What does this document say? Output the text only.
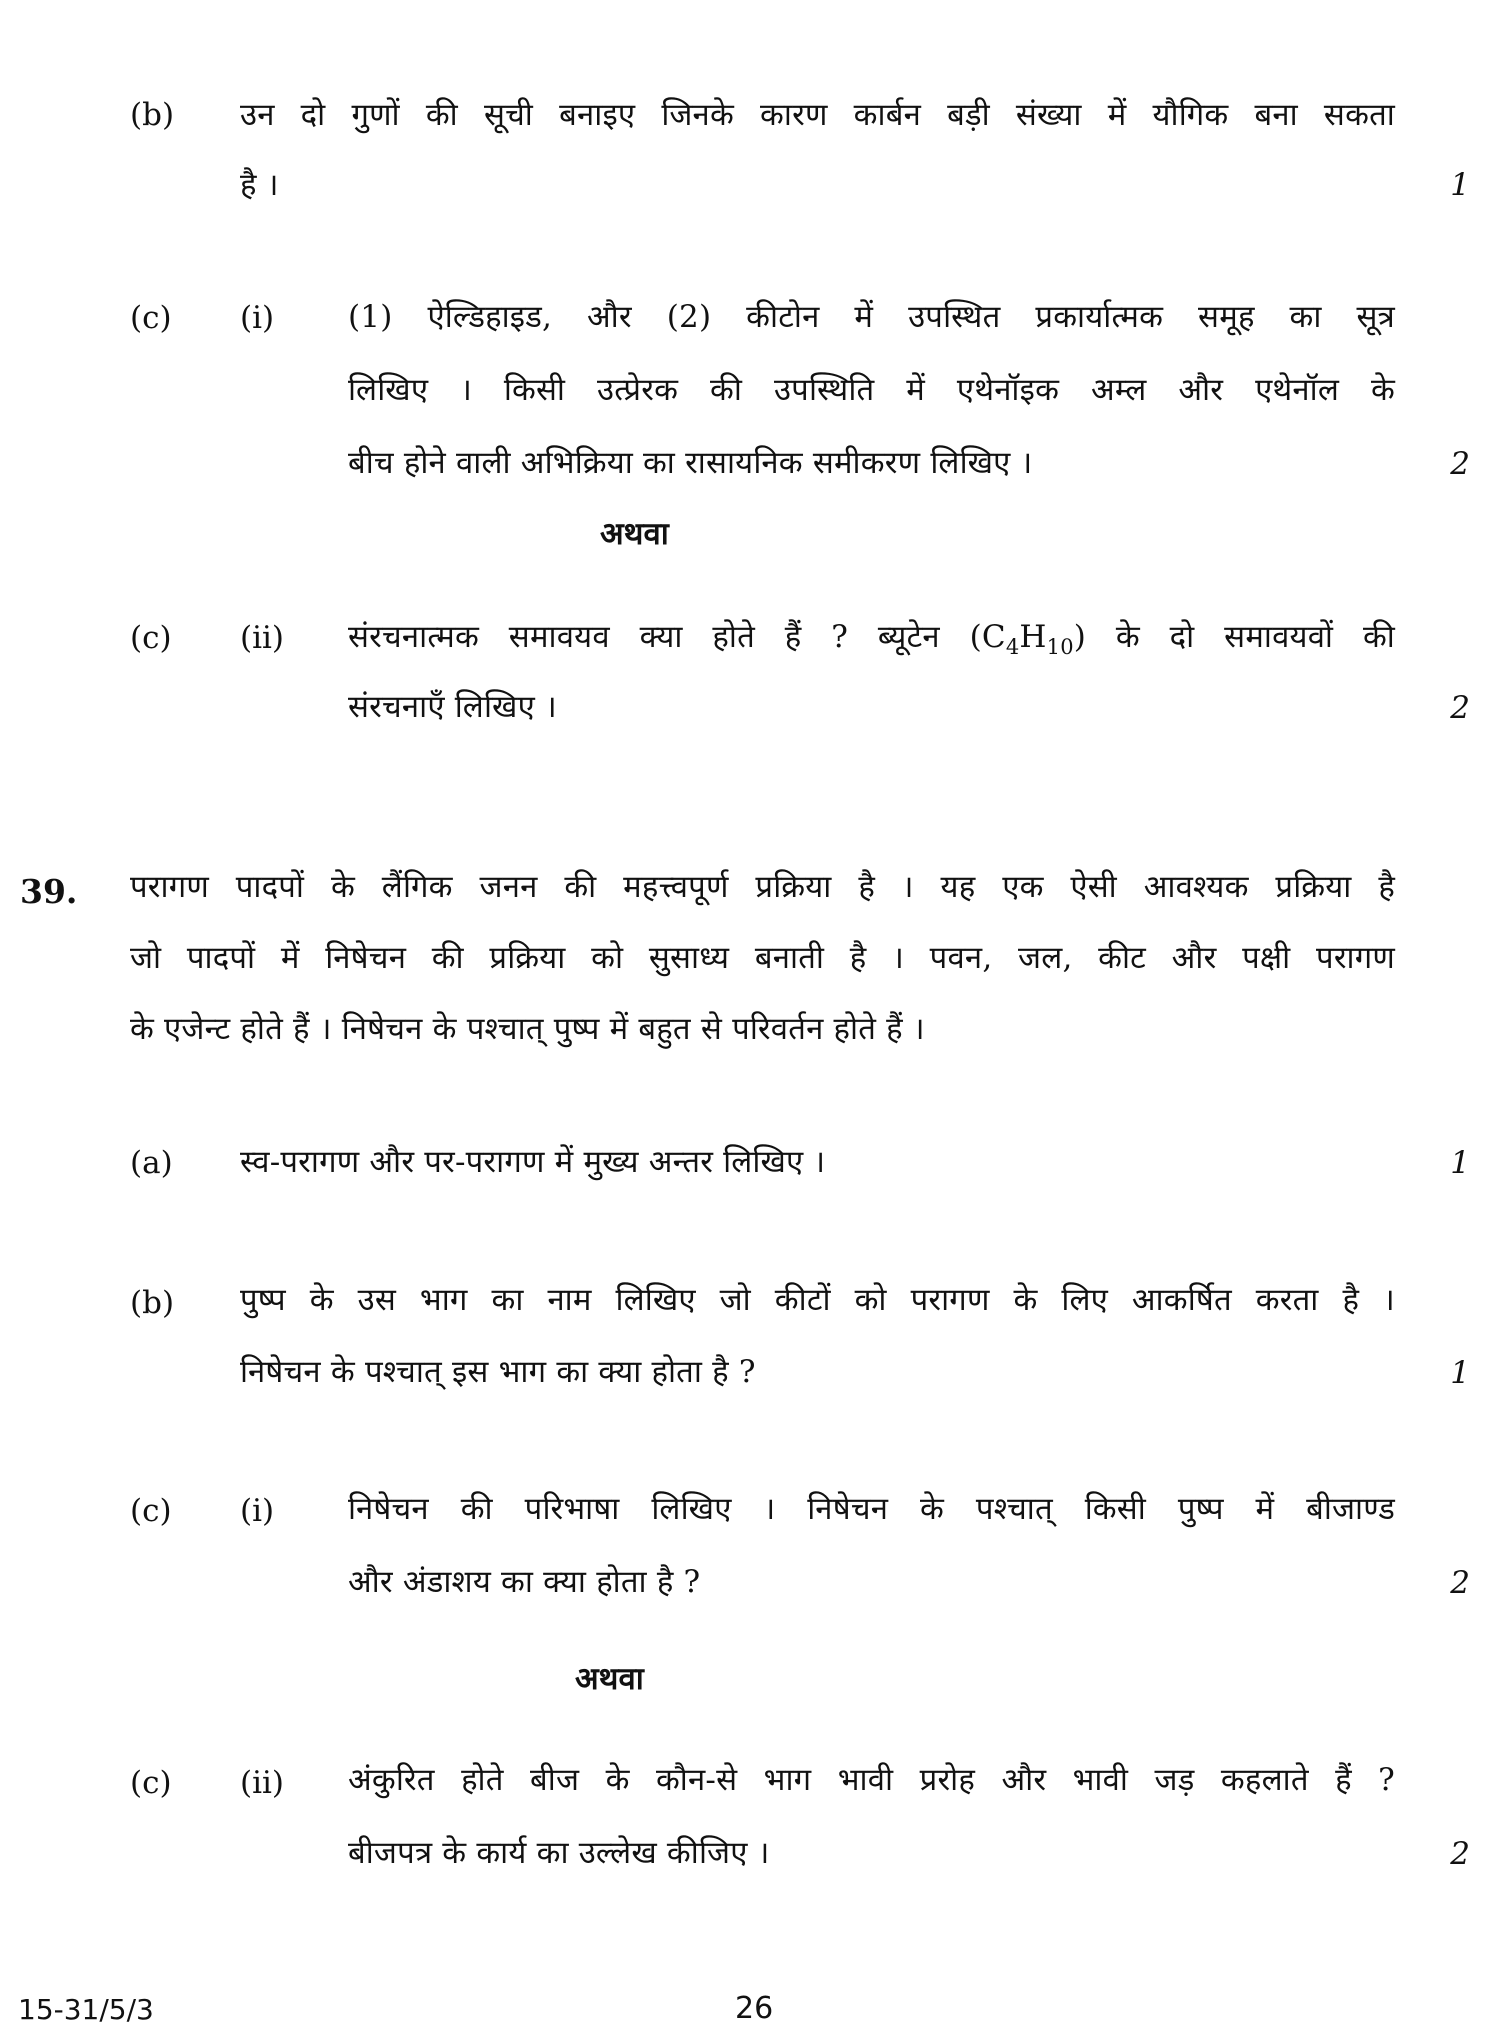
(b) उन दो गुणों की सूची बनाइए जिनके कारण कार्बन बड़ी संख्या में यौगिक बना सकता
है ।	1
(c) (i) (1) ऐल्डिहाइड, और (2) कीटोन में उपस्थित प्रकार्यात्मक समूह का सूत्र
लिखिए । किसी उत्प्रेरक की उपस्थिति में एथेनॉइक अम्ल और एथेनॉल के
बीच होने वाली अभिक्रिया का रासायनिक समीकरण लिखिए ।	2
अथवा
(c) (ii) संरचनात्मक समावयव क्या होते हैं ? ब्यूटेन $(C_4H_{10})$ के दो समावयवों की
संरचनाएँ लिखिए ।	2
39. परागण पादपों के लैंगिक जनन की महत्त्वपूर्ण प्रक्रिया है । यह एक ऐसी आवश्यक प्रक्रिया है
जो पादपों में निषेचन की प्रक्रिया को सुसाध्य बनाती है । पवन, जल, कीट और पक्षी परागण
के एजेन्ट होते हैं । निषेचन के पश्चात् पुष्प में बहुत से परिवर्तन होते हैं ।
(a) स्व-परागण और पर-परागण में मुख्य अन्तर लिखिए ।	1
(b) पुष्प के उस भाग का नाम लिखिए जो कीटों को परागण के लिए आकर्षित करता है ।
निषेचन के पश्चात् इस भाग का क्या होता है ?	1
(c) (i) निषेचन की परिभाषा लिखिए । निषेचन के पश्चात् किसी पुष्प में बीजाण्ड
और अंडाशय का क्या होता है ?	2
अथवा
(c) (ii) अंकुरित होते बीज के कौन-से भाग भावी प्ररोह और भावी जड़ कहलाते हैं ?
बीजपत्र के कार्य का उल्लेख कीजिए ।	2
15-31/5/3	26
